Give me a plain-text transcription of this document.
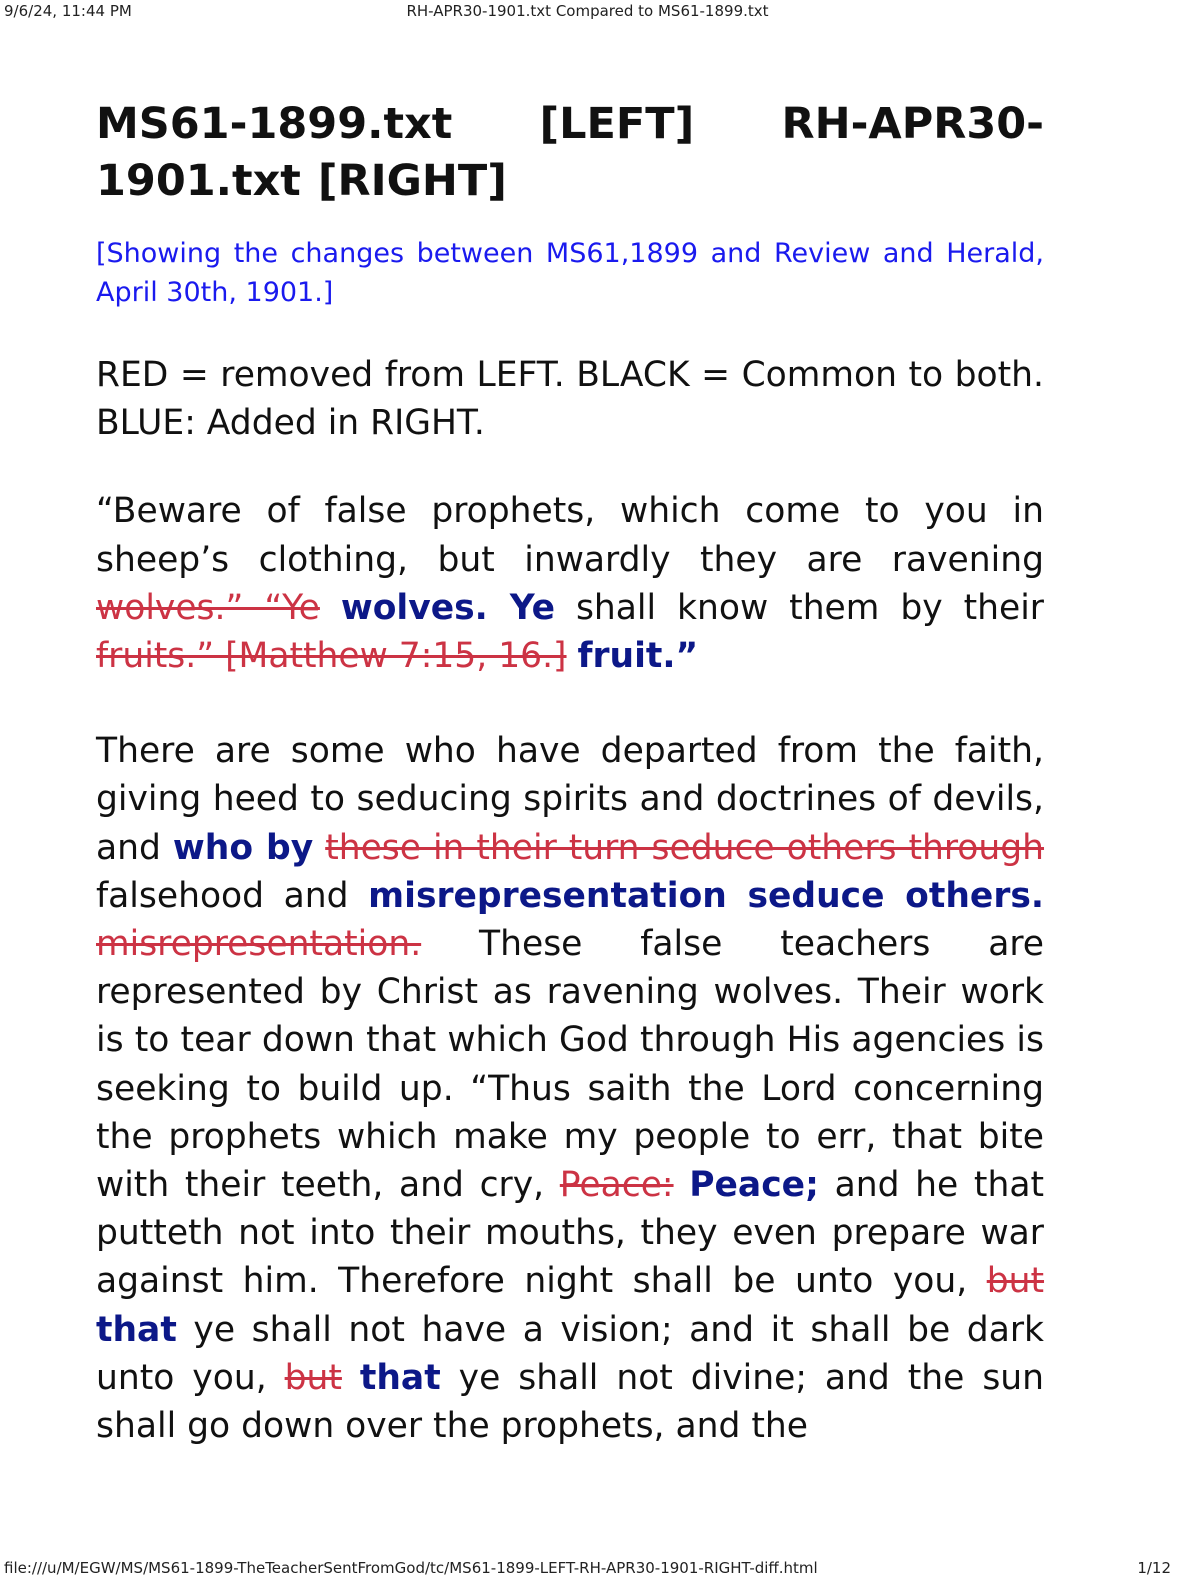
9/6/24, 11:44 PM	RH-APR30-1901.txt Compared to MS61-1899.txt
MS61-1899.txt [LEFT] RH-APR30-1901.txt [RIGHT]

[Showing the changes between MS61,1899 and Review and Herald, April 30th, 1901.]

RED = removed from LEFT. BLACK = Common to both. BLUE: Added in RIGHT.

“Beware of false prophets, which come to you in sheep’s clothing, but inwardly they are ravening wolves.” “Ye wolves. Ye shall know them by their fruits.” [Matthew 7:15, 16.] fruit.”

There are some who have departed from the faith, giving heed to seducing spirits and doctrines of devils, and who by these in their turn seduce others through falsehood and misrepresentation seduce others. misrepresentation. These false teachers are represented by Christ as ravening wolves. Their work is to tear down that which God through His agencies is seeking to build up. “Thus saith the Lord concerning the prophets which make my people to err, that bite with their teeth, and cry, Peace: Peace; and he that putteth not into their mouths, they even prepare war against him. Therefore night shall be unto you, but that ye shall not have a vision; and it shall be dark unto you, but that ye shall not divine; and the sun shall go down over the prophets, and the

file:///u/M/EGW/MS/MS61-1899-TheTeacherSentFromGod/tc/MS61-1899-LEFT-RH-APR30-1901-RIGHT-diff.html	1/12
